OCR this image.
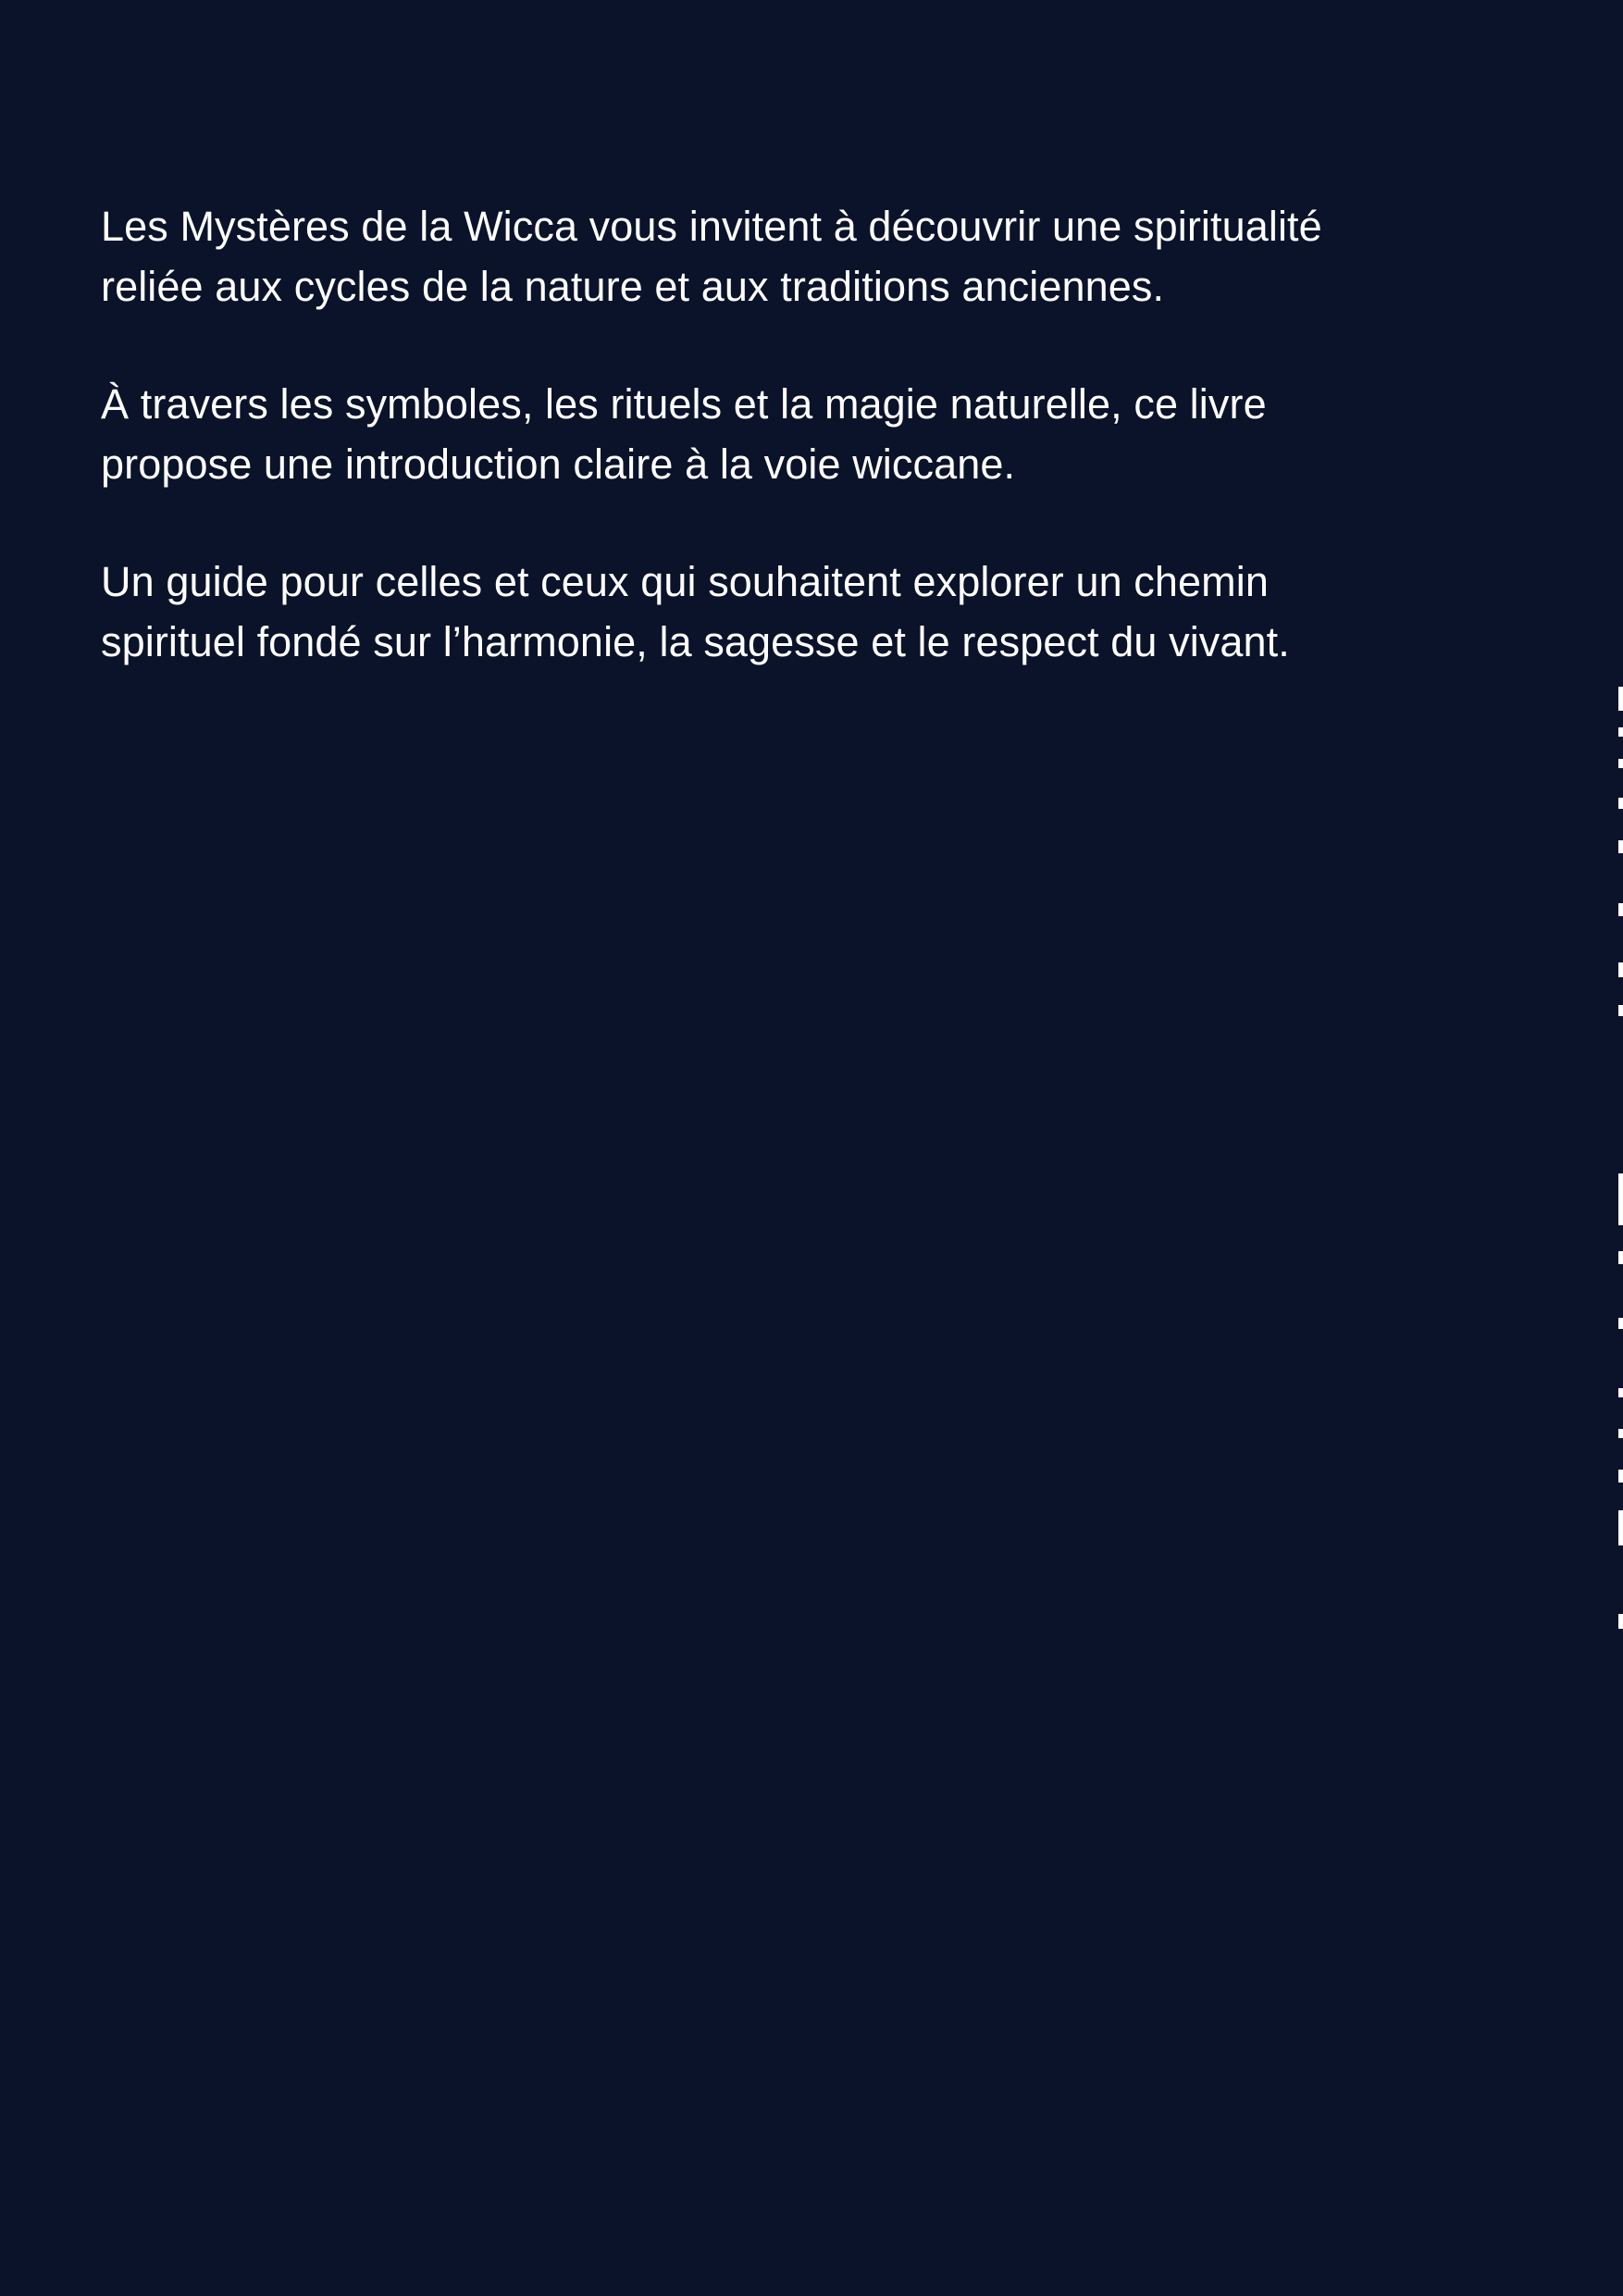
Les Mystères de la Wicca vous invitent à découvrir une spiritualité
reliée aux cycles de la nature et aux traditions anciennes.

À travers les symboles, les rituels et la magie naturelle, ce livre
propose une introduction claire à la voie wiccane.

Un guide pour celles et ceux qui souhaitent explorer un chemin
spirituel fondé sur l’harmonie, la sagesse et le respect du vivant.
